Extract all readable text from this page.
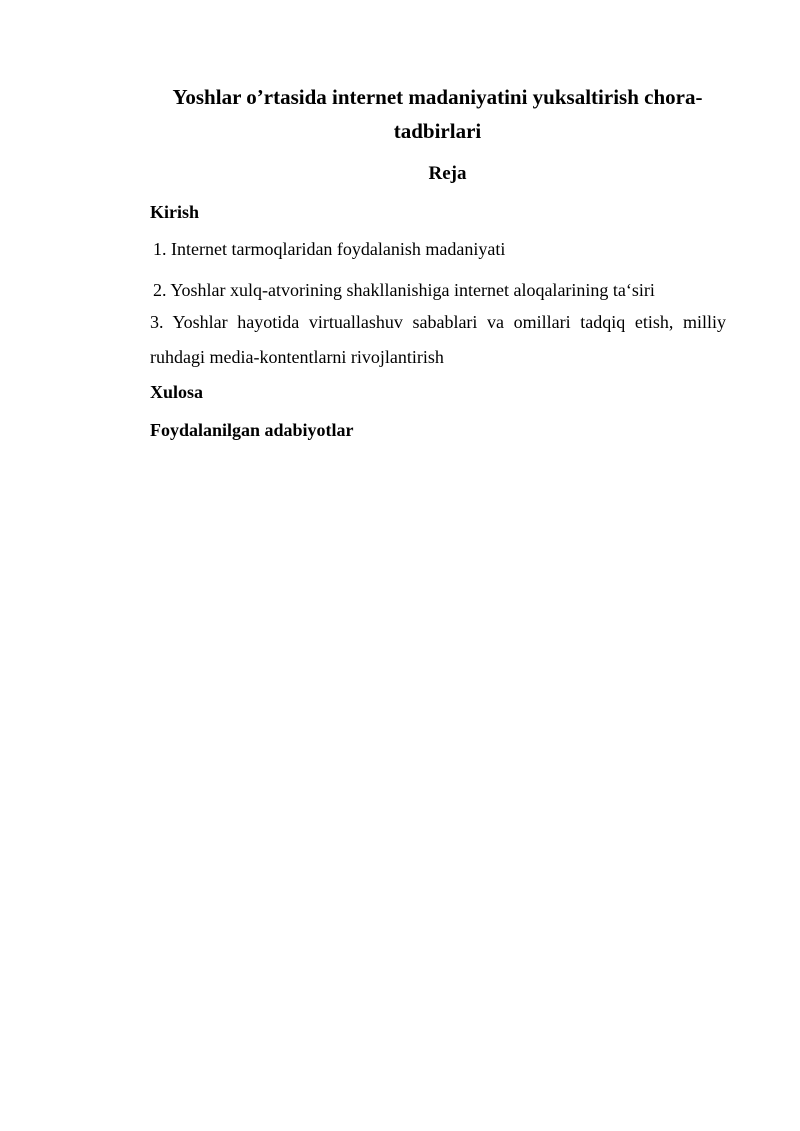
Yoshlar o’rtasida internet madaniyatini yuksaltirish chora-
tadbirlari
Reja
Kirish
1. Internet tarmoqlaridan foydalanish madaniyati
2. Yoshlar xulq-atvorining shakllanishiga internet aloqalarining ta‘siri
3. Yoshlar hayotida virtuallashuv sabablari va omillari tadqiq etish, milliy
ruhdagi media-kontentlarni rivojlantirish
Xulosa
Foydalanilgan adabiyotlar
